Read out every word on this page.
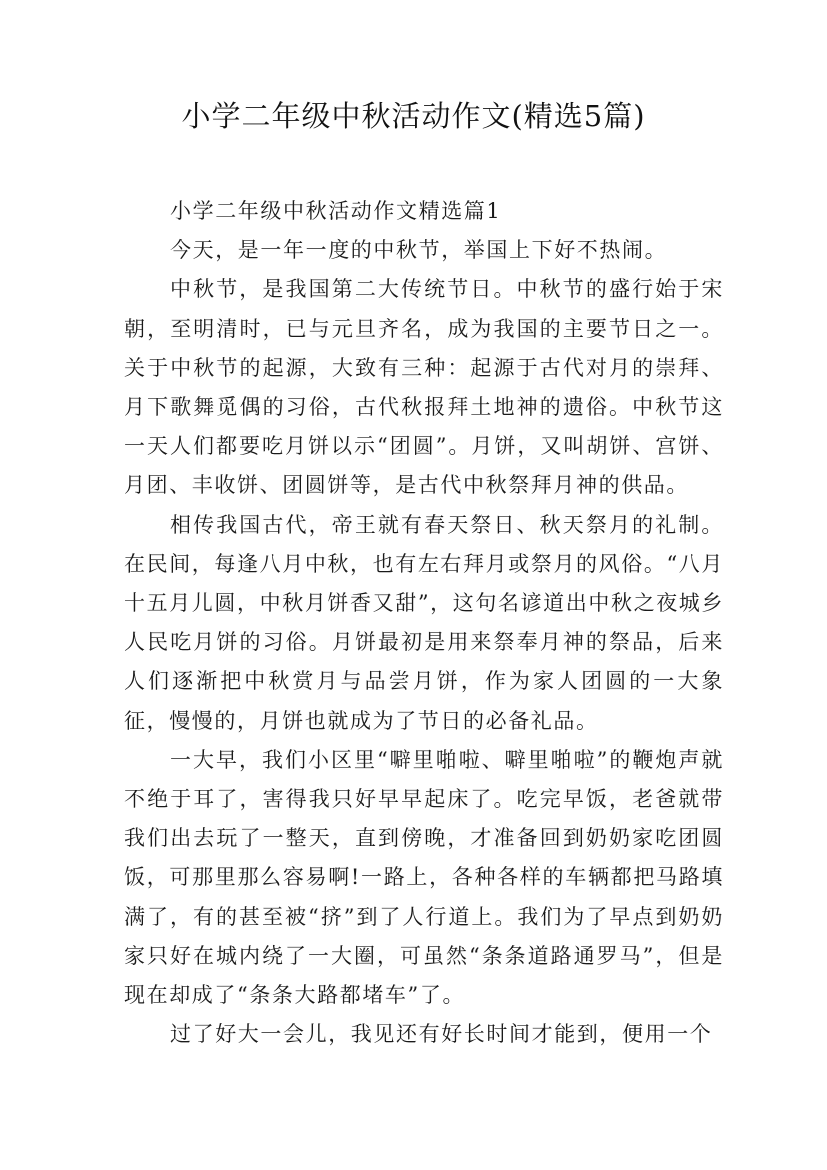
小学二年级中秋活动作文(精选5篇)

小学二年级中秋活动作文精选篇1

今天，是一年一度的中秋节，举国上下好不热闹。

中秋节，是我国第二大传统节日。中秋节的盛行始于宋朝，至明清时，已与元旦齐名，成为我国的主要节日之一。关于中秋节的起源，大致有三种：起源于古代对月的崇拜、月下歌舞觅偶的习俗，古代秋报拜土地神的遗俗。中秋节这一天人们都要吃月饼以示“团圆”。月饼，又叫胡饼、宫饼、月团、丰收饼、团圆饼等，是古代中秋祭拜月神的供品。

相传我国古代，帝王就有春天祭日、秋天祭月的礼制。在民间，每逢八月中秋，也有左右拜月或祭月的风俗。“八月十五月儿圆，中秋月饼香又甜”，这句名谚道出中秋之夜城乡人民吃月饼的习俗。月饼最初是用来祭奉月神的祭品，后来人们逐渐把中秋赏月与品尝月饼，作为家人团圆的一大象征，慢慢的，月饼也就成为了节日的必备礼品。

一大早，我们小区里“噼里啪啦、噼里啪啦”的鞭炮声就不绝于耳了，害得我只好早早起床了。吃完早饭，老爸就带我们出去玩了一整天，直到傍晚，才准备回到奶奶家吃团圆饭，可那里那么容易啊!一路上，各种各样的车辆都把马路填满了，有的甚至被“挤”到了人行道上。我们为了早点到奶奶家只好在城内绕了一大圈，可虽然“条条道路通罗马”，但是现在却成了“条条大路都堵车”了。

过了好大一会儿，我见还有好长时间才能到，便用一个
